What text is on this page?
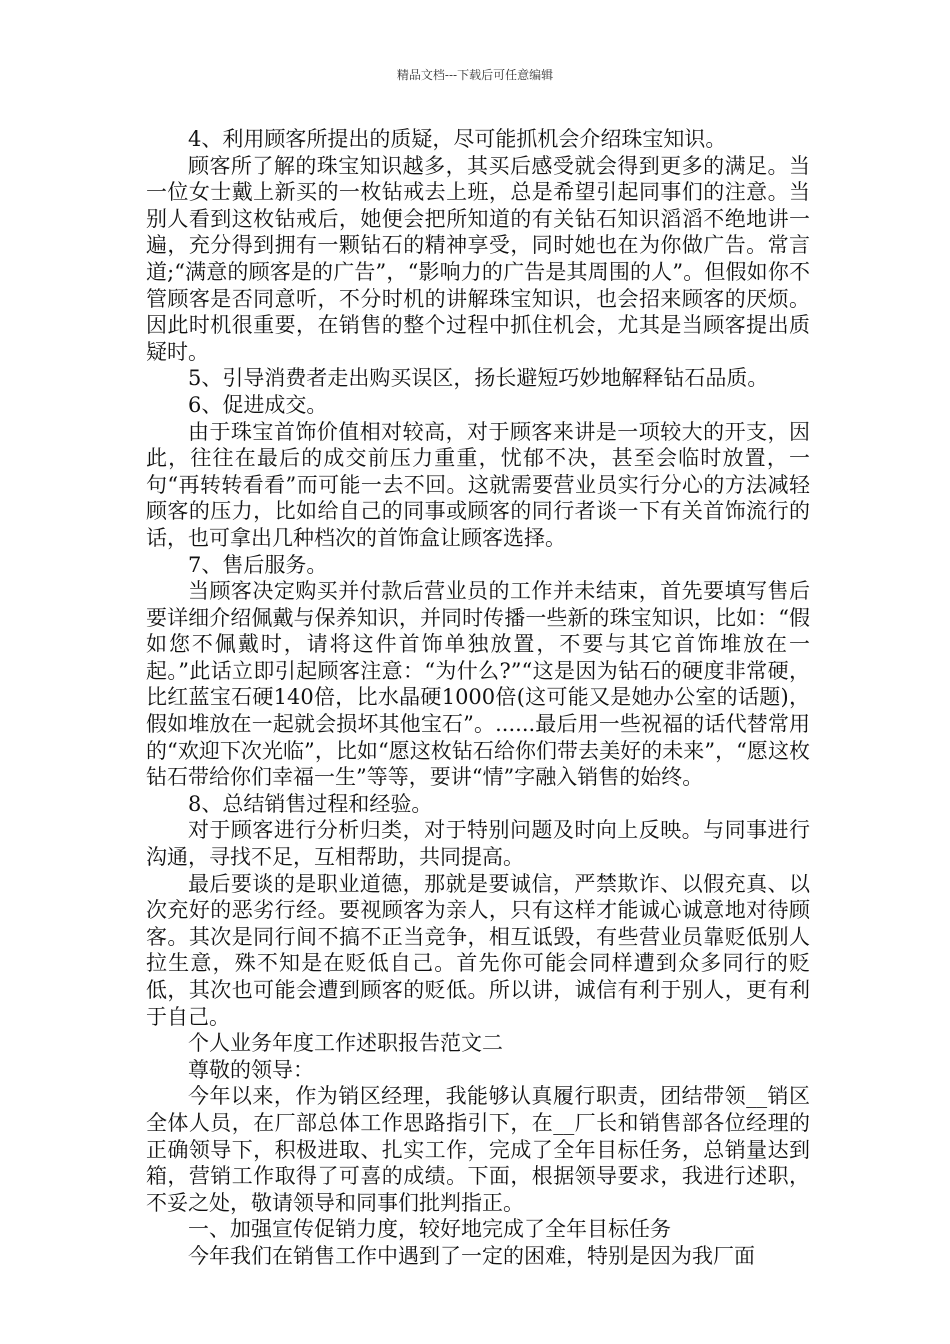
精品文档---下载后可任意编辑

4、利用顾客所提出的质疑，尽可能抓机会介绍珠宝知识。

顾客所了解的珠宝知识越多，其买后感受就会得到更多的满足。当一位女士戴上新买的一枚钻戒去上班，总是希望引起同事们的注意。当别人看到这枚钻戒后，她便会把所知道的有关钻石知识滔滔不绝地讲一遍，充分得到拥有一颗钻石的精神享受，同时她也在为你做广告。常言道;“满意的顾客是的广告”，“影响力的广告是其周围的人”。但假如你不管顾客是否同意听，不分时机的讲解珠宝知识，也会招来顾客的厌烦。因此时机很重要，在销售的整个过程中抓住机会，尤其是当顾客提出质疑时。

5、引导消费者走出购买误区，扬长避短巧妙地解释钻石品质。

6、促进成交。

由于珠宝首饰价值相对较高，对于顾客来讲是一项较大的开支，因此，往往在最后的成交前压力重重，忧郁不决，甚至会临时放置，一句“再转转看看”而可能一去不回。这就需要营业员实行分心的方法减轻顾客的压力，比如给自己的同事或顾客的同行者谈一下有关首饰流行的话，也可拿出几种档次的首饰盒让顾客选择。

7、售后服务。

当顾客决定购买并付款后营业员的工作并未结束，首先要填写售后要详细介绍佩戴与保养知识，并同时传播一些新的珠宝知识，比如：“假如您不佩戴时，请将这件首饰单独放置，不要与其它首饰堆放在一起。”此话立即引起顾客注意：“为什么?”“这是因为钻石的硬度非常硬，比红蓝宝石硬140倍，比水晶硬1000倍(这可能又是她办公室的话题)，假如堆放在一起就会损坏其他宝石”。......最后用一些祝福的话代替常用的“欢迎下次光临”，比如“愿这枚钻石给你们带去美好的未来”，“愿这枚钻石带给你们幸福一生”等等，要讲“情”字融入销售的始终。

8、总结销售过程和经验。

对于顾客进行分析归类，对于特别问题及时向上反映。与同事进行沟通，寻找不足，互相帮助，共同提高。

最后要谈的是职业道德，那就是要诚信，严禁欺诈、以假充真、以次充好的恶劣行经。要视顾客为亲人，只有这样才能诚心诚意地对待顾客。其次是同行间不搞不正当竞争，相互诋毁，有些营业员靠贬低别人拉生意，殊不知是在贬低自己。首先你可能会同样遭到众多同行的贬低，其次也可能会遭到顾客的贬低。所以讲，诚信有利于别人，更有利于自己。

个人业务年度工作述职报告范文二

尊敬的领导：

今年以来，作为销区经理，我能够认真履行职责，团结带领__销区全体人员，在厂部总体工作思路指引下，在__厂长和销售部各位经理的正确领导下，积极进取、扎实工作，完成了全年目标任务，总销量达到箱，营销工作取得了可喜的成绩。下面，根据领导要求，我进行述职，不妥之处，敬请领导和同事们批判指正。

一、加强宣传促销力度，较好地完成了全年目标任务

今年我们在销售工作中遇到了一定的困难，特别是因为我厂面
